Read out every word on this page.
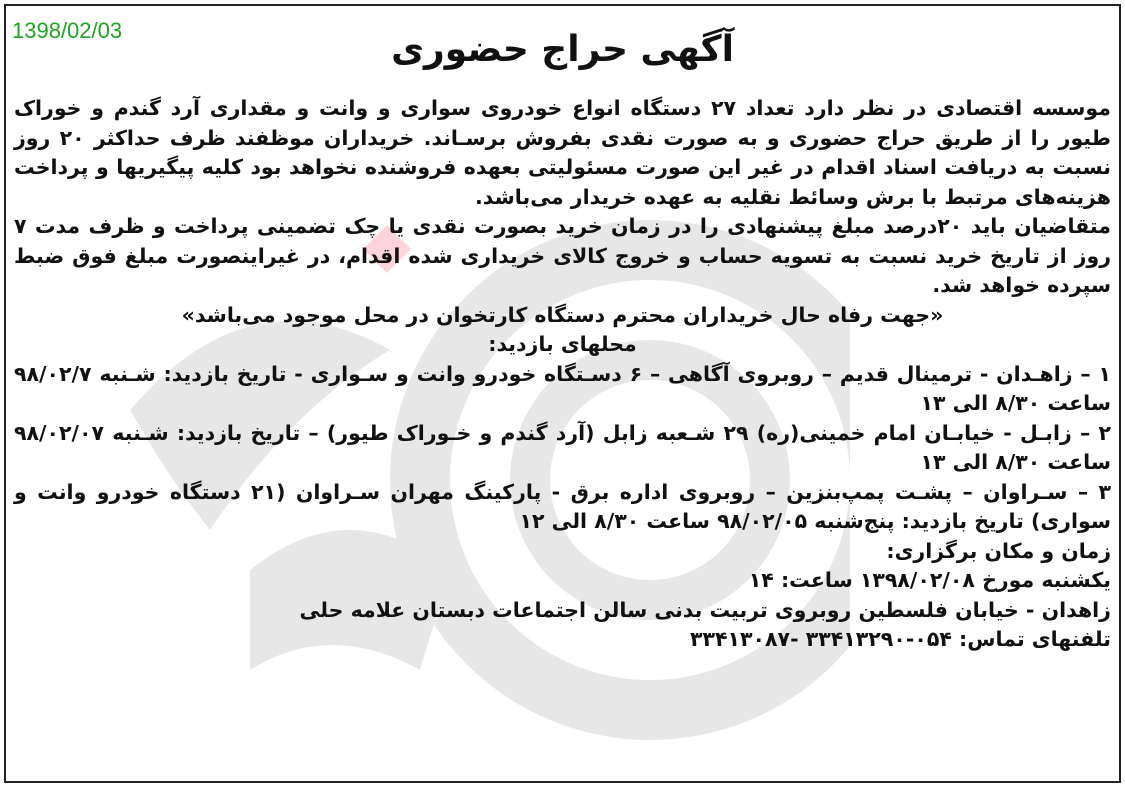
1398/02/03	آگهی حراج حضوری

موسسه اقتصادی در نظر دارد تعداد ۲۷ دستگاه انواع خودروی سواری و وانت و مقداری آرد گندم و خوراک طیور را از طریق حراج حضوری و به صورت نقدی بفروش برسـاند. خریداران موظفند ظرف حداکثر ۲۰ روز نسبت به دریافت اسناد اقدام در غیر این صورت مسئولیتی بعهده فروشنده نخواهد بود کلیه پیگیریها و پرداخت هزینه‌های مرتبط با برش وسائط نقلیه به عهده خریدار می‌باشد.

متقاضیان باید ۲۰درصد مبلغ پیشنهادی را در زمان خرید بصورت نقدی یا چک تضمینی پرداخت و ظرف مدت ۷ روز از تاریخ خرید نسبت به تسویه حساب و خروج کالای خریداری شده اقدام، در غیراینصورت مبلغ فوق ضبط سپرده خواهد شد.

«جهت رفاه حال خریداران محترم دستگاه کارتخوان در محل موجود می‌باشد»

محلهای بازدید:

۱ – زاهـدان - ترمینال قدیم – روبروی آگاهی – ۶ دسـتگاه خودرو وانت و سـواری - تاریخ بازدید: شـنبه ۹۸/۰۲/۷ ساعت ۸/۳۰ الی ۱۳

۲ – زابـل - خیابـان امام خمینی(ره) ۲۹ شـعبه زابل (آرد گندم و خـوراک طیور) – تاریخ بازدید: شـنبه ۹۸/۰۲/۰۷ ساعت ۸/۳۰ الی ۱۳

۳ – سـراوان – پشـت پمپ‌بنزین – روبروی اداره برق - پارکینگ مهران سـراوان (۲۱ دستگاه خودرو وانت و سواری) تاریخ بازدید: پنج‌شنبه ۹۸/۰۲/۰۵ ساعت ۸/۳۰ الی ۱۲

زمان و مکان برگزاری:

یکشنبه مورخ ۱۳۹۸/۰۲/۰۸ ساعت: ۱۴

زاهدان - خیابان فلسطین روبروی تربیت بدنی سالن اجتماعات دبستان علامه حلی

تلفنهای تماس: ۰۵۴-۳۳۴۱۳۲۹۰ -۳۳۴۱۳۰۸۷
